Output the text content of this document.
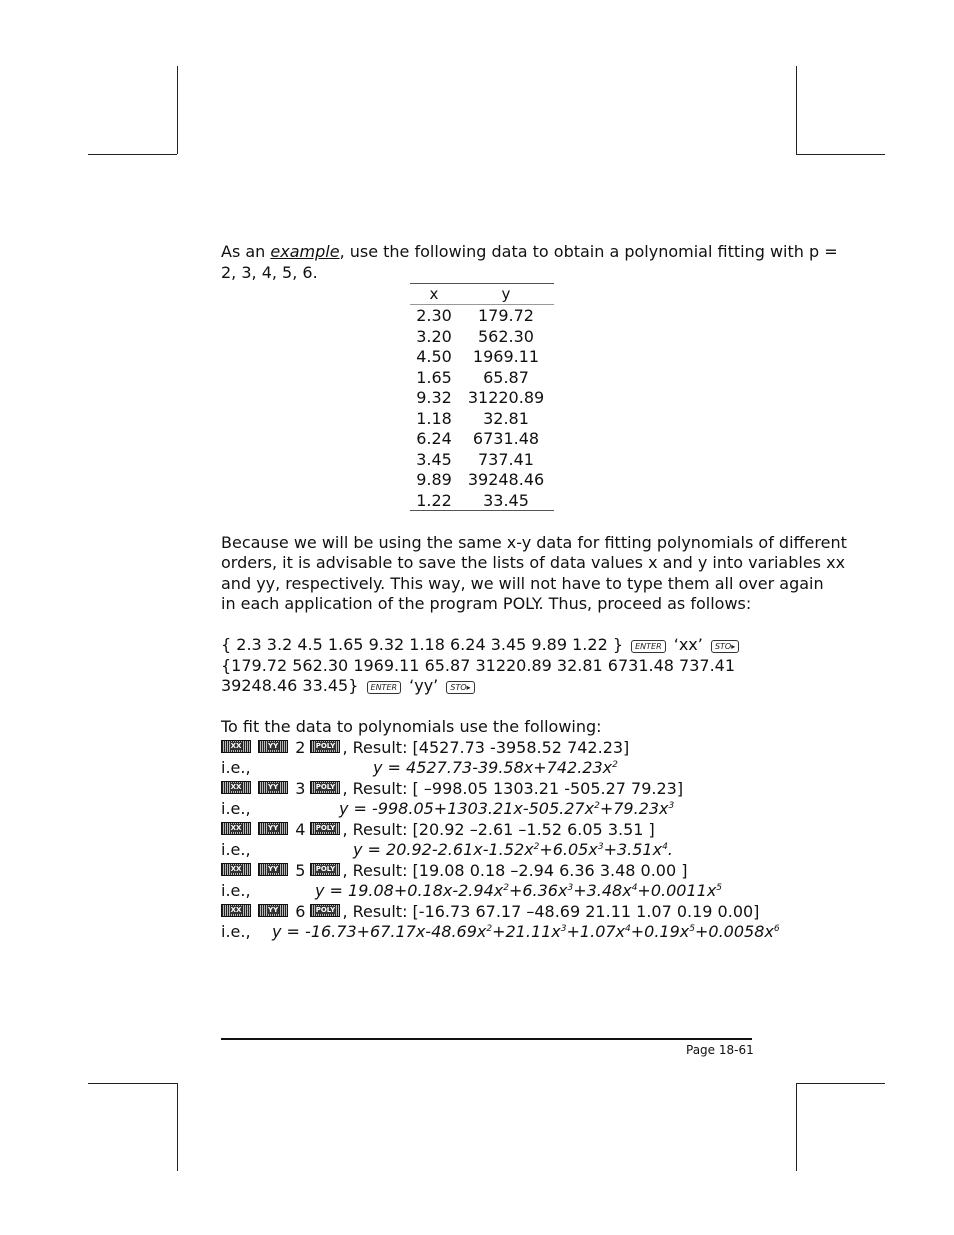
As an example, use the following data to obtain a polynomial fitting with p =
2, 3, 4, 5, 6.
x	y
2.30	179.72
3.20	562.30
4.50	1969.11
1.65	65.87
9.32	31220.89
1.18	32.81
6.24	6731.48
3.45	737.41
9.89	39248.46
1.22	33.45
Because we will be using the same x-y data for fitting polynomials of different
orders, it is advisable to save the lists of data values x and y into variables xx
and yy, respectively. This way, we will not have to type them all over again
in each application of the program POLY. Thus, proceed as follows:
{ 2.3 3.2 4.5 1.65 9.32 1.18 6.24 3.45 9.89 1.22 } ENTER ‘xx’ STO▸
{179.72 562.30 1969.11 65.87 31220.89 32.81 6731.48 737.41
39248.46 33.45} ENTER ‘yy’ STO▸
To fit the data to polynomials use the following:
XX	YY 2 POLY , Result: [4527.73 -3958.52 742.23]
i.e.,	$y = 4527.73-39.58x+742.23x^2$
XX	YY 3 POLY , Result: [ –998.05 1303.21 -505.27 79.23]
i.e.,	$y = -998.05+1303.21x-505.27x^2+79.23x^3$
XX	YY 4 POLY , Result: [20.92 –2.61 –1.52 6.05 3.51 ]
i.e.,	$y = 20.92-2.61x-1.52x^2+6.05x^3+3.51x^4$.
XX	YY 5 POLY , Result: [19.08 0.18 –2.94 6.36 3.48 0.00 ]
i.e.,	$y = 19.08+0.18x-2.94x^2+6.36x^3+3.48x^4+0.0011x^5$
XX	YY 6 POLY , Result: [-16.73 67.17 –48.69 21.11 1.07 0.19 0.00]
i.e., $y = -16.73+67.17x-48.69x^2+21.11x^3+1.07x^4+0.19x^5+0.0058x^6$
Page 18-61
